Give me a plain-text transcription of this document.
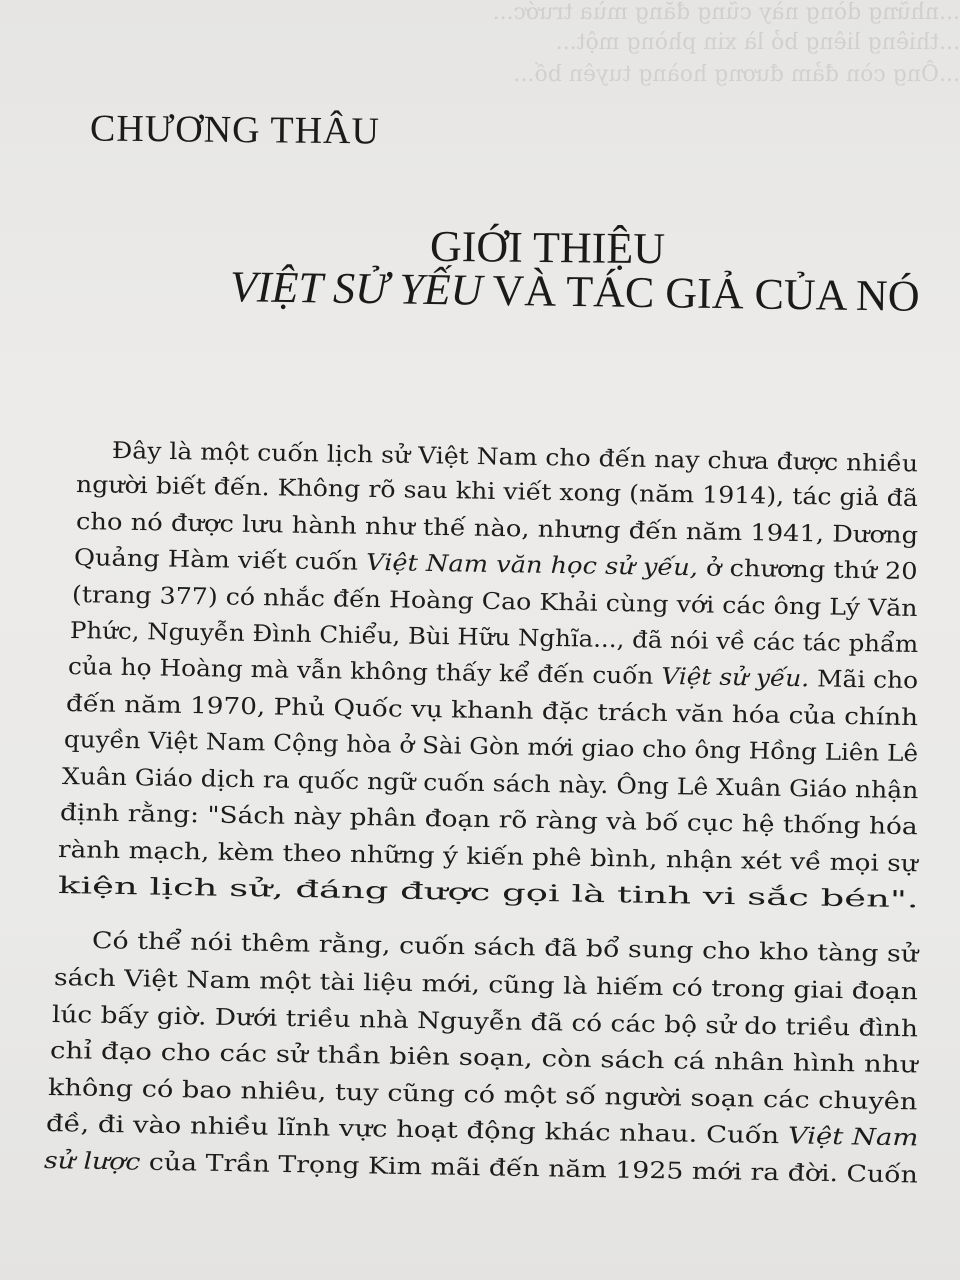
...những dòng này cũng đăng mùa trước...
...thiêng liêng bỏ là xin phòng một...
...Ông còn đảm đương hoàng tuyên bố...
CHƯƠNG THÂU
GIỚI THIỆU
VIỆT SỬ YẾU VÀ TÁC GIẢ CỦA NÓ
Đây là một cuốn lịch sử Việt Nam cho đến nay chưa được nhiều
người biết đến. Không rõ sau khi viết xong (năm 1914), tác giả đã
cho nó được lưu hành như thế nào, nhưng đến năm 1941, Dương
Quảng Hàm viết cuốn Việt Nam văn học sử yếu, ở chương thứ 20
(trang 377) có nhắc đến Hoàng Cao Khải cùng với các ông Lý Văn
Phức, Nguyễn Đình Chiểu, Bùi Hữu Nghĩa..., đã nói về các tác phẩm
của họ Hoàng mà vẫn không thấy kể đến cuốn Việt sử yếu. Mãi cho
đến năm 1970, Phủ Quốc vụ khanh đặc trách văn hóa của chính
quyền Việt Nam Cộng hòa ở Sài Gòn mới giao cho ông Hồng Liên Lê
Xuân Giáo dịch ra quốc ngữ cuốn sách này. Ông Lê Xuân Giáo nhận
định rằng: "Sách này phân đoạn rõ ràng và bố cục hệ thống hóa
rành mạch, kèm theo những ý kiến phê bình, nhận xét về mọi sự
kiện lịch sử, đáng được gọi là tinh vi sắc bén".
Có thể nói thêm rằng, cuốn sách đã bổ sung cho kho tàng sử
sách Việt Nam một tài liệu mới, cũng là hiếm có trong giai đoạn
lúc bấy giờ. Dưới triều nhà Nguyễn đã có các bộ sử do triều đình
chỉ đạo cho các sử thần biên soạn, còn sách cá nhân hình như
không có bao nhiêu, tuy cũng có một số người soạn các chuyên
đề, đi vào nhiều lĩnh vực hoạt động khác nhau. Cuốn Việt Nam
sử lược của Trần Trọng Kim mãi đến năm 1925 mới ra đời. Cuốn
